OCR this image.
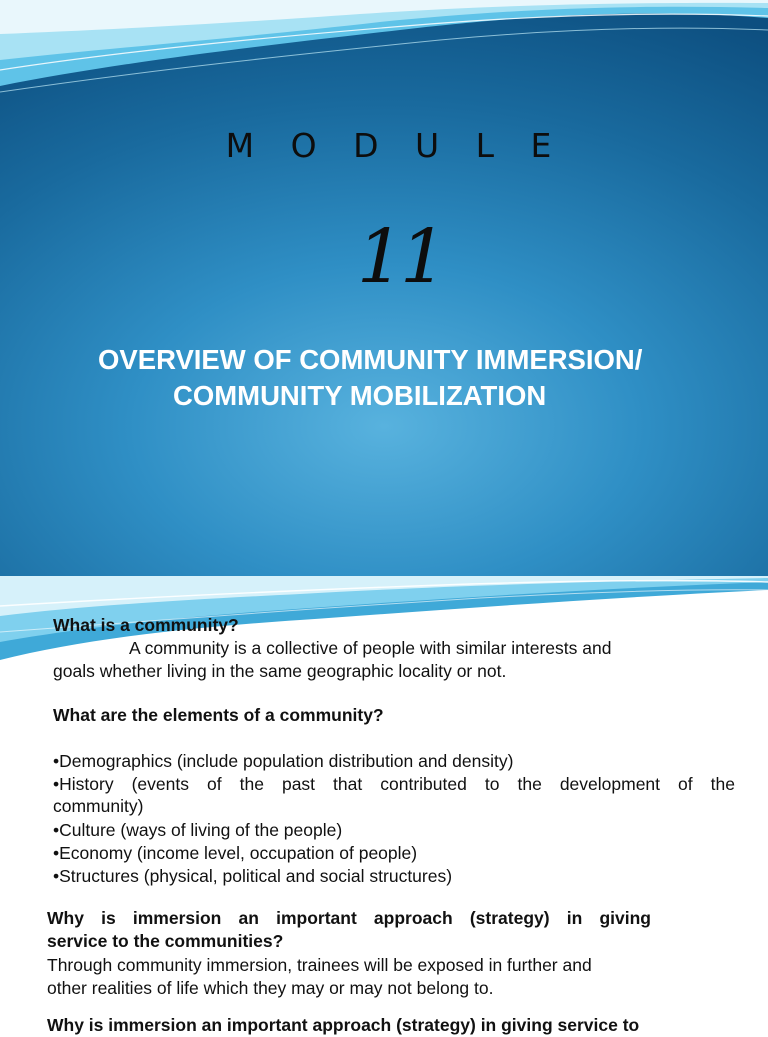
M O D U L E
11
OVERVIEW OF COMMUNITY IMMERSION/
COMMUNITY MOBILIZATION
What is a community?
A community is a collective of people with similar interests and
goals whether living in the same geographic locality or not.
What are the elements of a community?
•Demographics (include population distribution and density)
•History (events of the past that contributed to the development of the
community)
•Culture (ways of living of the people)
•Economy (income level, occupation of people)
•Structures (physical, political and social structures)
Why is immersion an important approach (strategy) in giving
service to the communities?
Through community immersion, trainees will be exposed in further and
other realities of life which they may or may not belong to.
Why is immersion an important approach (strategy) in giving service to
